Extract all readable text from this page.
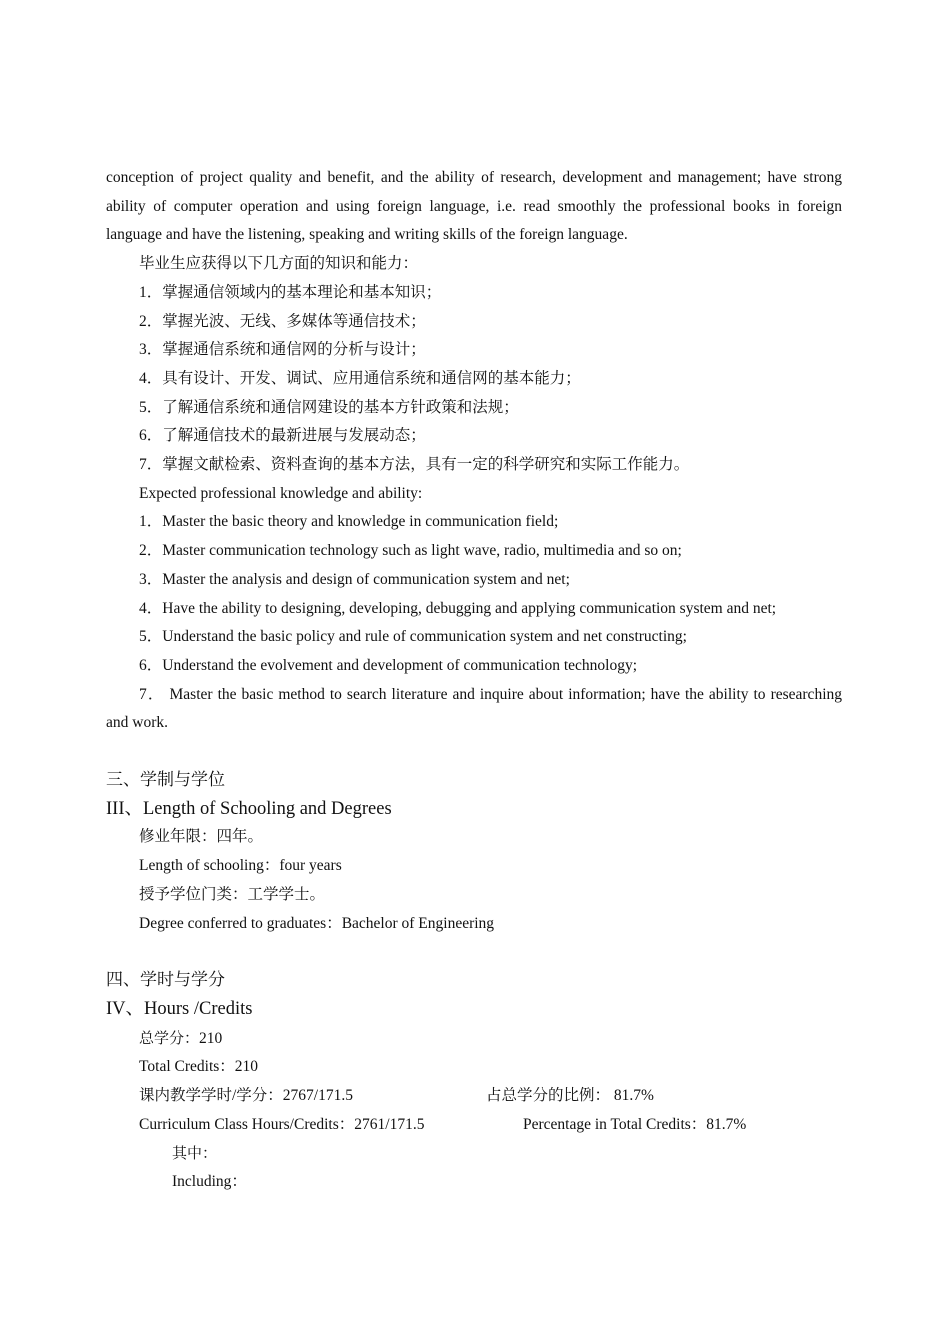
conception of project quality and benefit, and the ability of research, development and management; have strong ability of computer operation and using foreign language, i.e. read smoothly the professional books in foreign language and have the listening, speaking and writing skills of the foreign language.

毕业生应获得以下几方面的知识和能力：

1．掌握通信领域内的基本理论和基本知识；

2．掌握光波、无线、多媒体等通信技术；

3．掌握通信系统和通信网的分析与设计；

4．具有设计、开发、调试、应用通信系统和通信网的基本能力；

5．了解通信系统和通信网建设的基本方针政策和法规；

6．了解通信技术的最新进展与发展动态；

7．掌握文献检索、资料查询的基本方法，具有一定的科学研究和实际工作能力。

Expected professional knowledge and ability:

1．Master the basic theory and knowledge in communication field;

2．Master communication technology such as light wave, radio, multimedia and so on;

3．Master the analysis and design of communication system and net;

4．Have the ability to designing, developing, debugging and applying communication system and net;

5．Understand the basic policy and rule of communication system and net constructing;

6．Understand the evolvement and development of communication technology;

7． Master the basic method to search literature and inquire about information; have the ability to researching and work.

三、学制与学位

III、Length of Schooling and Degrees

修业年限：四年。

Length of schooling：four years

授予学位门类：工学学士。

Degree conferred to graduates：Bachelor of Engineering

四、学时与学分

IV、Hours /Credits

总学分：210

Total Credits：210

课内教学学时/学分：2767/171.5	占总学分的比例： 81.7%
Curriculum Class Hours/Credits：2761/171.5	Percentage in Total Credits：81.7%

其中：

Including：
